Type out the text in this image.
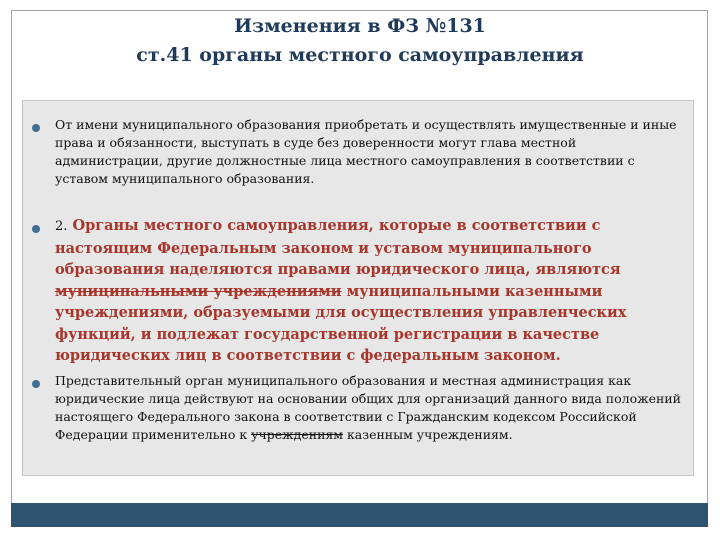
Изменения в ФЗ №131
ст.41 органы местного самоуправления
От имени муниципального образования приобретать и осуществлять имущественные и иные права и обязанности, выступать в суде без доверенности могут глава местной администрации, другие должностные лица местного самоуправления в соответствии с уставом муниципального образования.
2. Органы местного самоуправления, которые в соответствии с настоящим Федеральным законом и уставом муниципального образования наделяются правами юридического лица, являются муниципальными учреждениями муниципальными казенными учреждениями, образуемыми для осуществления управленческих функций, и подлежат государственной регистрации в качестве юридических лиц в соответствии с федеральным законом.
Представительный орган муниципального образования и местная администрация как юридические лица действуют на основании общих для организаций данного вида положений настоящего Федерального закона в соответствии с Гражданским кодексом Российской Федерации применительно к учреждениям казенным учреждениям.
